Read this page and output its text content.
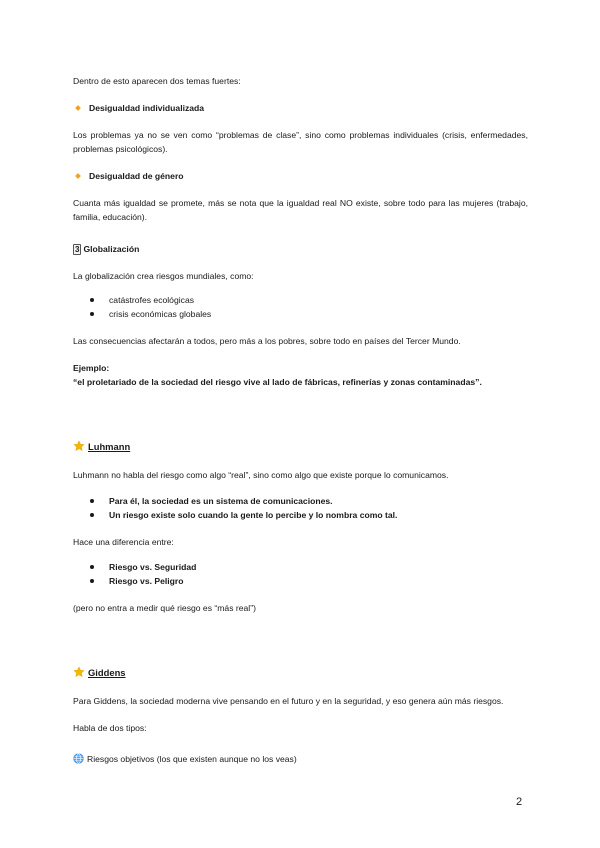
Dentro de esto aparecen dos temas fuertes:
Desigualdad individualizada
Los problemas ya no se ven como “problemas de clase”, sino como problemas individuales (crisis, enfermedades, problemas psicológicos).
Desigualdad de género
Cuanta más igualdad se promete, más se nota que la igualdad real NO existe, sobre todo para las mujeres (trabajo, familia, educación).
3 Globalización
La globalización crea riesgos mundiales, como:
catástrofes ecológicas
crisis económicas globales
Las consecuencias afectarán a todos, pero más a los pobres, sobre todo en países del Tercer Mundo.
Ejemplo:
“el proletariado de la sociedad del riesgo vive al lado de fábricas, refinerías y zonas contaminadas”.
Luhmann
Luhmann no habla del riesgo como algo “real”, sino como algo que existe porque lo comunicamos.
Para él, la sociedad es un sistema de comunicaciones.
Un riesgo existe solo cuando la gente lo percibe y lo nombra como tal.
Hace una diferencia entre:
Riesgo vs. Seguridad
Riesgo vs. Peligro
(pero no entra a medir qué riesgo es “más real”)
Giddens
Para Giddens, la sociedad moderna vive pensando en el futuro y en la seguridad, y eso genera aún más riesgos.
Habla de dos tipos:
Riesgos objetivos (los que existen aunque no los veas)
2
